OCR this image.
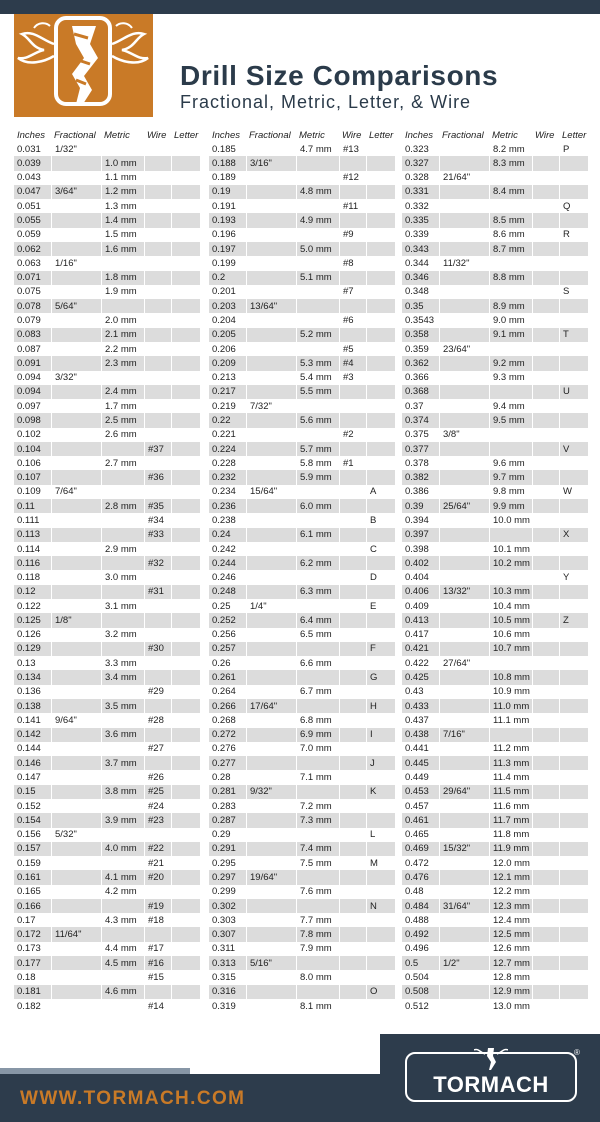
Drill Size Comparisons
Fractional, Metric, Letter, & Wire
Inches Fractional Metric	Wire Letter
0.031	1/32"
0.039	1.0 mm
0.043	1.1 mm
0.047	3/64"	1.2 mm
0.051	1.3 mm
0.055	1.4 mm
0.059	1.5 mm
0.062	1.6 mm
0.063	1/16"
0.071	1.8 mm
0.075	1.9 mm
0.078	5/64"
0.079	2.0 mm
0.083	2.1 mm
0.087	2.2 mm
0.091	2.3 mm
0.094	3/32"
0.094	2.4 mm
0.097	1.7 mm
0.098	2.5 mm
0.102	2.6 mm
0.104	#37
0.106	2.7 mm
0.107	#36
0.109	7/64"
0.11	2.8 mm	#35
0.111	#34
0.113	#33
0.114	2.9 mm
0.116	#32
0.118	3.0 mm
0.12	#31
0.122	3.1 mm
0.125	1/8"
0.126	3.2 mm
0.129	#30
0.13	3.3 mm
0.134	3.4 mm
0.136	#29
0.138	3.5 mm
0.141	9/64"	#28
0.142	3.6 mm
0.144	#27
0.146	3.7 mm
0.147	#26
0.15	3.8 mm	#25
0.152	#24
0.154	3.9 mm	#23
0.156	5/32"
0.157	4.0 mm	#22
0.159	#21
0.161	4.1 mm	#20
0.165	4.2 mm
0.166	#19
0.17	4.3 mm	#18
0.172	11/64"
0.173	4.4 mm	#17
0.177	4.5 mm	#16
0.18	#15
0.181	4.6 mm
0.182	#14
Inches Fractional Metric	Wire Letter
0.185	4.7 mm	#13
0.188	3/16"
0.189	#12
0.19	4.8 mm
0.191	#11
0.193	4.9 mm
0.196	#9
0.197	5.0 mm
0.199	#8
0.2	5.1 mm
0.201	#7
0.203	13/64"
0.204	#6
0.205	5.2 mm
0.206	#5
0.209	5.3 mm	#4
0.213	5.4 mm	#3
0.217	5.5 mm
0.219	7/32"
0.22	5.6 mm
0.221	#2
0.224	5.7 mm
0.228	5.8 mm	#1
0.232	5.9 mm
0.234	15/64"	A
0.236	6.0 mm
0.238	B
0.24	6.1 mm
0.242	C
0.244	6.2 mm
0.246	D
0.248	6.3 mm
0.25	1/4"	E
0.252	6.4 mm
0.256	6.5 mm
0.257	F
0.26	6.6 mm
0.261	G
0.264	6.7 mm
0.266	17/64"	H
0.268	6.8 mm
0.272	6.9 mm	I
0.276	7.0 mm
0.277	J
0.28	7.1 mm
0.281	9/32"	K
0.283	7.2 mm
0.287	7.3 mm
0.29	L
0.291	7.4 mm
0.295	7.5 mm	M
0.297	19/64"
0.299	7.6 mm
0.302	N
0.303	7.7 mm
0.307	7.8 mm
0.311	7.9 mm
0.313	5/16"
0.315	8.0 mm
0.316	O
0.319	8.1 mm
Inches Fractional Metric	Wire Letter
0.323	8.2 mm	P
0.327	8.3 mm
0.328	21/64"
0.331	8.4 mm
0.332	Q
0.335	8.5 mm
0.339	8.6 mm	R
0.343	8.7 mm
0.344	11/32"
0.346	8.8 mm
0.348	S
0.35	8.9 mm
0.3543	9.0 mm
0.358	9.1 mm	T
0.359	23/64"
0.362	9.2 mm
0.366	9.3 mm
0.368	U
0.37	9.4 mm
0.374	9.5 mm
0.375	3/8"
0.377	V
0.378	9.6 mm
0.382	9.7 mm
0.386	9.8 mm	W
0.39	25/64"	9.9 mm
0.394	10.0 mm
0.397	X
0.398	10.1 mm
0.402	10.2 mm
0.404	Y
0.406	13/32"	10.3 mm
0.409	10.4 mm
0.413	10.5 mm	Z
0.417	10.6 mm
0.421	10.7 mm
0.422	27/64"
0.425	10.8 mm
0.43	10.9 mm
0.433	11.0 mm
0.437	11.1 mm
0.438	7/16"
0.441	11.2 mm
0.445	11.3 mm
0.449	11.4 mm
0.453	29/64"	11.5 mm
0.457	11.6 mm
0.461	11.7 mm
0.465	11.8 mm
0.469	15/32"	11.9 mm
0.472	12.0 mm
0.476	12.1 mm
0.48	12.2 mm
0.484	31/64"	12.3 mm
0.488	12.4 mm
0.492	12.5 mm
0.496	12.6 mm
0.5	1/2"	12.7 mm
0.504	12.8 mm
0.508	12.9 mm
0.512	13.0 mm
WWW.TORMACH.COM
TORMACH
®
